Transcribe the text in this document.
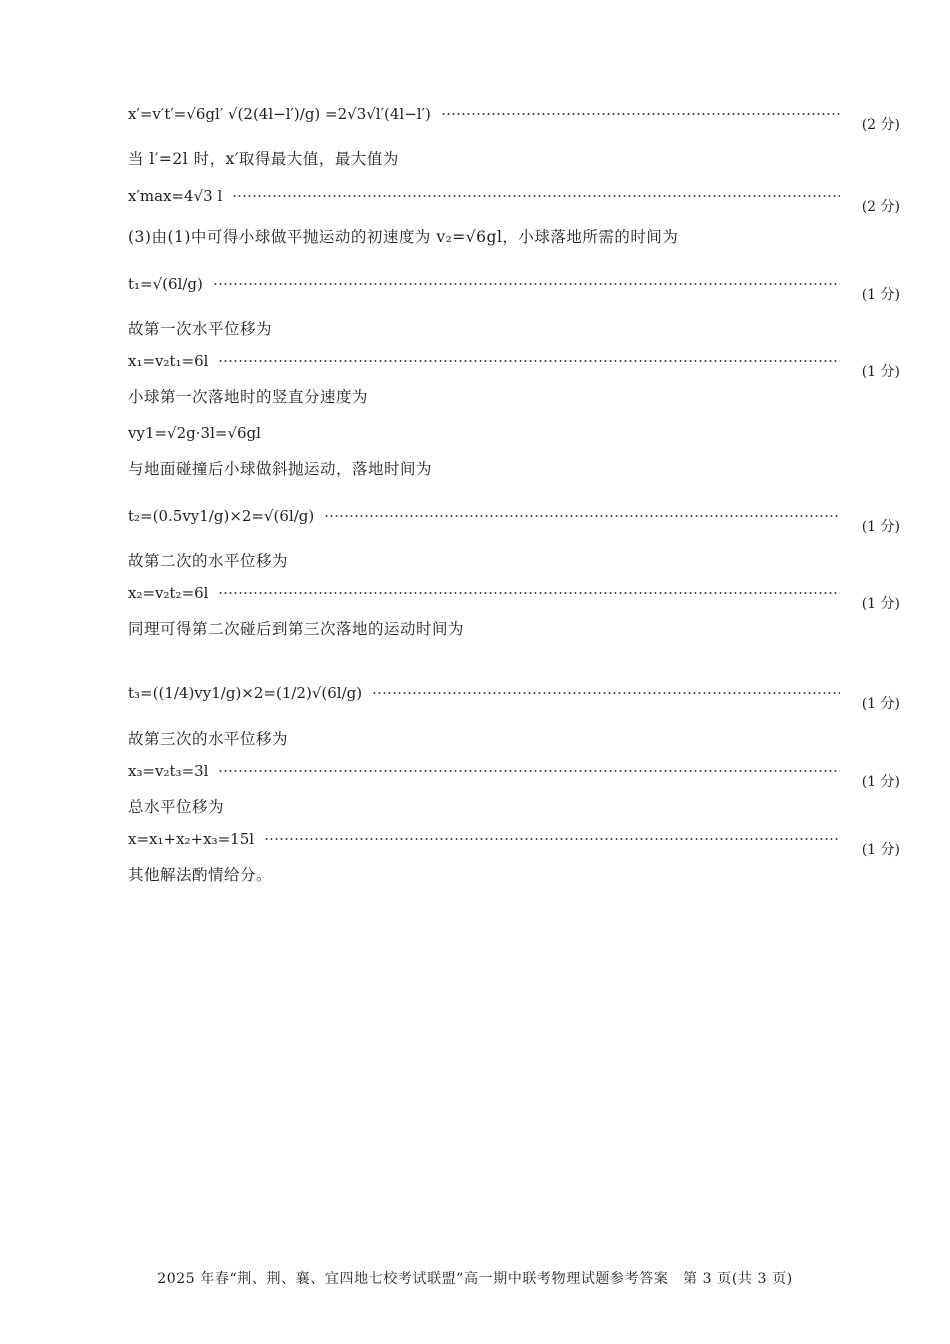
x′=v′t′=√6gl′ √(2(4l−l′)/g) =2√3√l′(4l−l′)
(2 分)
当 l′=2l 时，x′取得最大值，最大值为
x′max=4√3 l
(2 分)
(3)由(1)中可得小球做平抛运动的初速度为 v₂=√6gl，小球落地所需的时间为
t₁=√(6l/g)
(1 分)
故第一次水平位移为
x₁=v₂t₁=6l
(1 分)
小球第一次落地时的竖直分速度为
vy1=√2g·3l=√6gl
与地面碰撞后小球做斜抛运动，落地时间为
t₂=(0.5vy1/g)×2=√(6l/g)
(1 分)
故第二次的水平位移为
x₂=v₂t₂=6l
(1 分)
同理可得第二次碰后到第三次落地的运动时间为
t₃=((1/4)vy1/g)×2=(1/2)√(6l/g)
(1 分)
故第三次的水平位移为
x₃=v₂t₃=3l
(1 分)
总水平位移为
x=x₁+x₂+x₃=15l
(1 分)
其他解法酌情给分。
2025 年春“荆、荆、襄、宜四地七校考试联盟”高一期中联考物理试题参考答案　第 3 页(共 3 页)
